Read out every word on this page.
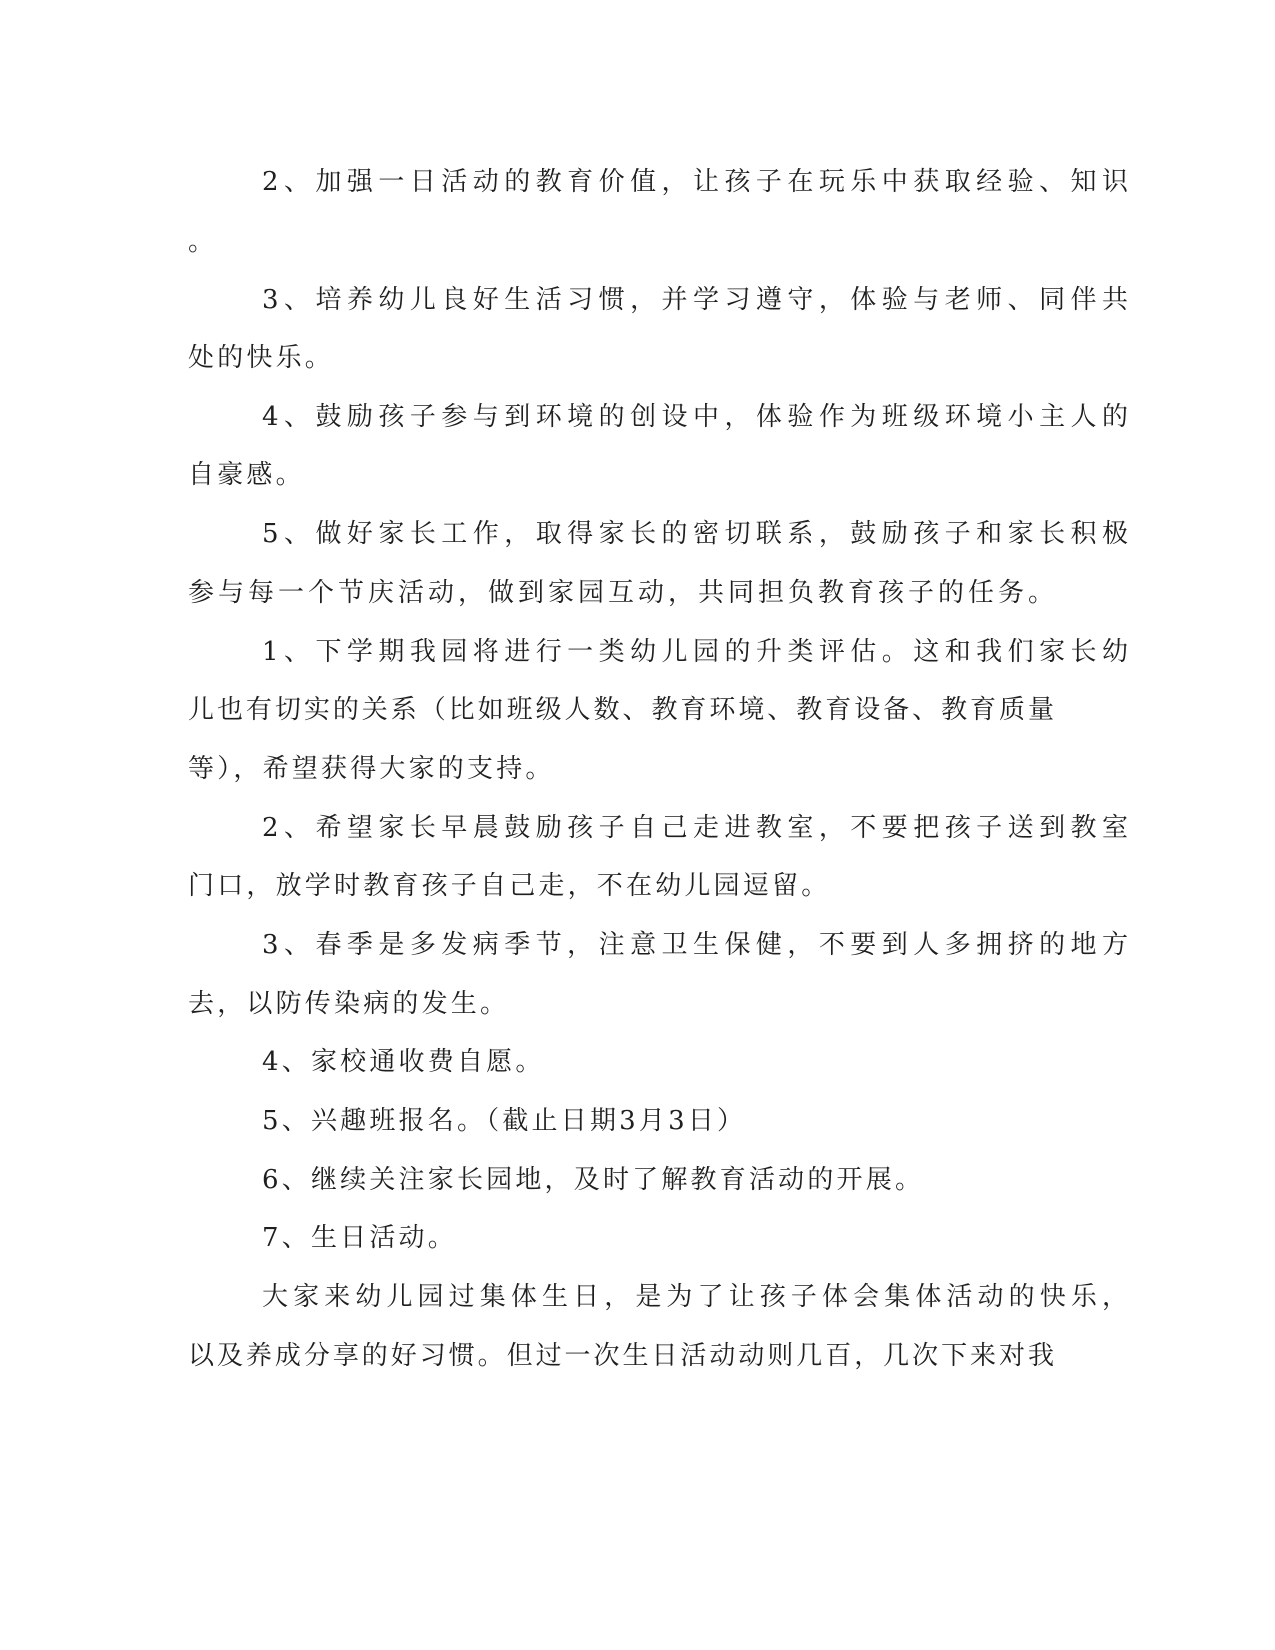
2、加强一日活动的教育价值，让孩子在玩乐中获取经验、知识
。
3、培养幼儿良好生活习惯，并学习遵守，体验与老师、同伴共
处的快乐。
4、鼓励孩子参与到环境的创设中，体验作为班级环境小主人的
自豪感。
5、做好家长工作，取得家长的密切联系，鼓励孩子和家长积极
参与每一个节庆活动，做到家园互动，共同担负教育孩子的任务。
1、下学期我园将进行一类幼儿园的升类评估。这和我们家长幼
儿也有切实的关系（比如班级人数、教育环境、教育设备、教育质量
等），希望获得大家的支持。
2、希望家长早晨鼓励孩子自己走进教室，不要把孩子送到教室
门口，放学时教育孩子自己走，不在幼儿园逗留。
3、春季是多发病季节，注意卫生保健，不要到人多拥挤的地方
去，以防传染病的发生。
4、家校通收费自愿。
5、兴趣班报名。（截止日期3月3日）
6、继续关注家长园地，及时了解教育活动的开展。
7、生日活动。
大家来幼儿园过集体生日，是为了让孩子体会集体活动的快乐，
以及养成分享的好习惯。但过一次生日活动动则几百，几次下来对我
